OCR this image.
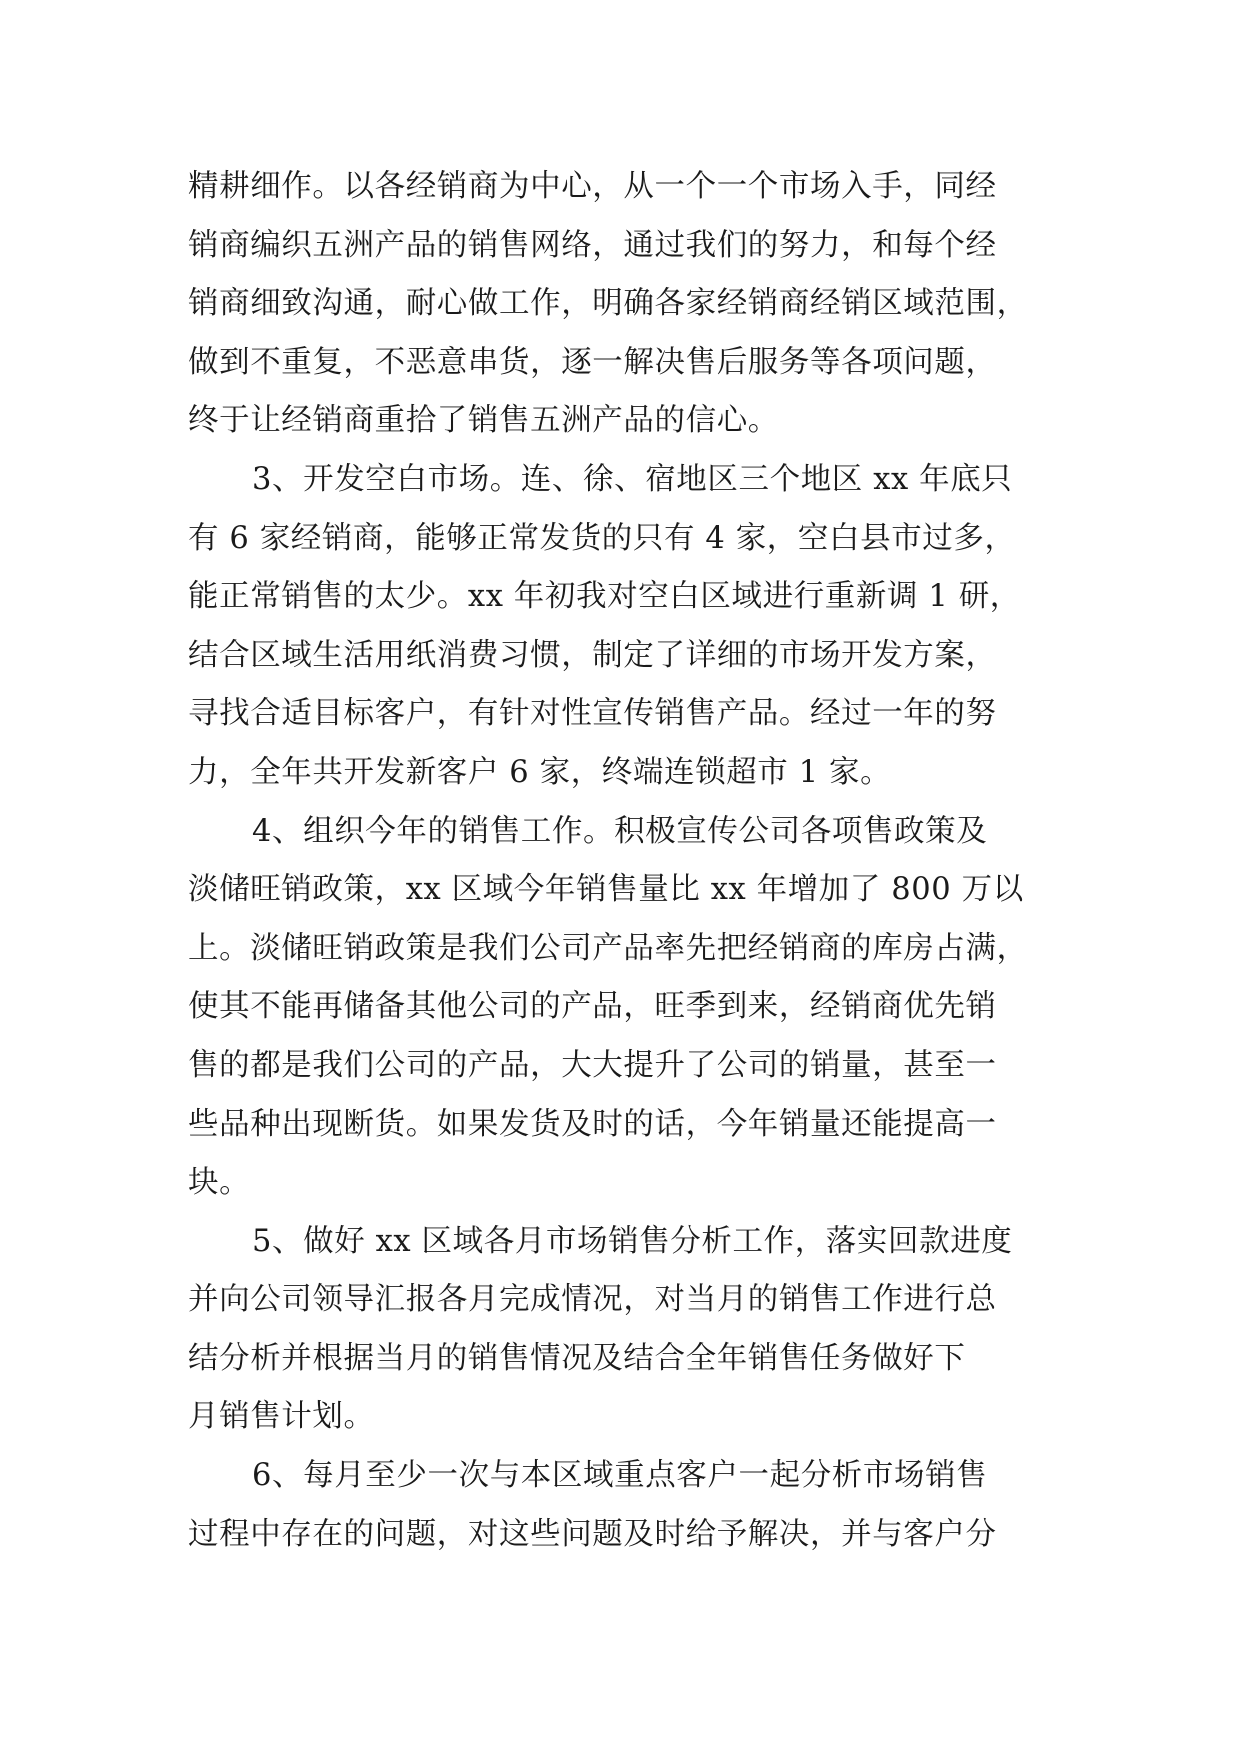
精耕细作。以各经销商为中心，从一个一个市场入手，同经
销商编织五洲产品的销售网络，通过我们的努力，和每个经
销商细致沟通，耐心做工作，明确各家经销商经销区域范围，
做到不重复，不恶意串货，逐一解决售后服务等各项问题，
终于让经销商重拾了销售五洲产品的信心。
3、开发空白市场。连、徐、宿地区三个地区 xx 年底只
有 6 家经销商，能够正常发货的只有 4 家，空白县市过多，
能正常销售的太少。xx 年初我对空白区域进行重新调 1 研，
结合区域生活用纸消费习惯，制定了详细的市场开发方案，
寻找合适目标客户，有针对性宣传销售产品。经过一年的努
力，全年共开发新客户 6 家，终端连锁超市 1 家。
4、组织今年的销售工作。积极宣传公司各项售政策及
淡储旺销政策，xx 区域今年销售量比 xx 年增加了 800 万以
上。淡储旺销政策是我们公司产品率先把经销商的库房占满，
使其不能再储备其他公司的产品，旺季到来，经销商优先销
售的都是我们公司的产品，大大提升了公司的销量，甚至一
些品种出现断货。如果发货及时的话，今年销量还能提高一
块。
5、做好 xx 区域各月市场销售分析工作，落实回款进度
并向公司领导汇报各月完成情况，对当月的销售工作进行总
结分析并根据当月的销售情况及结合全年销售任务做好下
月销售计划。
6、每月至少一次与本区域重点客户一起分析市场销售
过程中存在的问题，对这些问题及时给予解决，并与客户分
